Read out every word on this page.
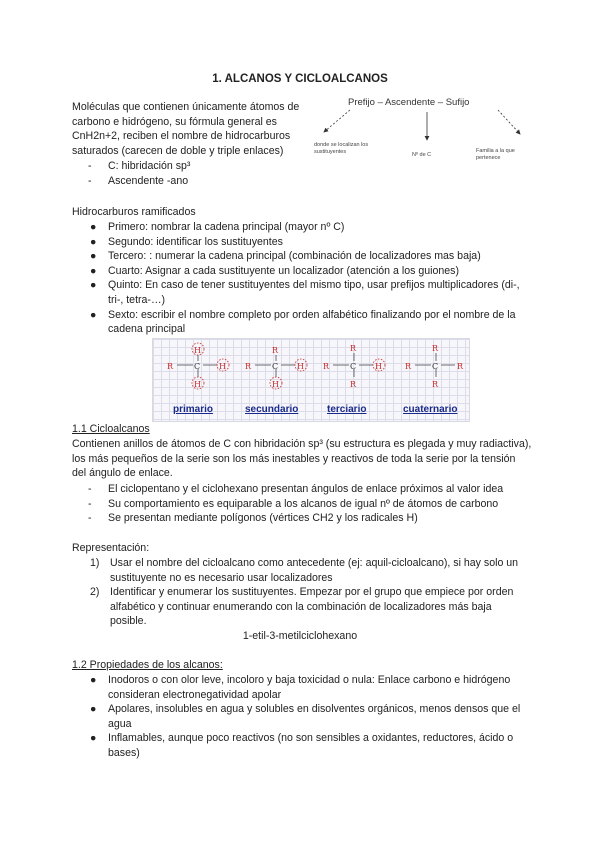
1. ALCANOS Y CICLOALCANOS
Moléculas que contienen únicamente átomos de carbono e hidrógeno, su fórmula general es CnH2n+2, reciben el nombre de hidrocarburos saturados (carecen de doble y triple enlaces)
- C: hibridación sp³
- Ascendente -ano
Prefijo – Ascendente – Sufijo
donde se localizan los sustituyentes
Nº de C
Familia a la que pertenece
Hidrocarburos ramificados
● Primero: nombrar la cadena principal (mayor nº C)
● Segundo: identificar los sustituyentes
● Tercero: : numerar la cadena principal (combinación de localizadores mas baja)
● Cuarto: Asignar a cada sustituyente un localizador (atención a los guiones)
● Quinto: En caso de tener sustituyentes del mismo tipo, usar prefijos multiplicadores (di-, tri-, tetra-…)
● Sexto: escribir el nombre completo por orden alfabético finalizando por el nombre de la cadena principal
R	C
H
H
H
R	C
R
H
H
R	C
R
H
R
R	C
R
R
R
primario	secundario	terciario	cuaternario
1.1 Cicloalcanos
Contienen anillos de átomos de C con hibridación sp³ (su estructura es plegada y muy radiactiva), los más pequeños de la serie son los más inestables y reactivos de toda la serie por la tensión del ángulo de enlace.
- El ciclopentano y el ciclohexano presentan ángulos de enlace próximos al valor idea
- Su comportamiento es equiparable a los alcanos de igual nº de átomos de carbono
- Se presentan mediante polígonos (vértices CH2 y los radicales H)
Representación:
1) Usar el nombre del cicloalcano como antecedente (ej: aquil-cicloalcano), si hay solo un sustituyente no es necesario usar localizadores
2) Identificar y enumerar los sustituyentes. Empezar por el grupo que empiece por orden alfabético y continuar enumerando con la combinación de localizadores más baja posible.
1-etil-3-metilciclohexano
1.2 Propiedades de los alcanos:
● Inodoros o con olor leve, incoloro y baja toxicidad o nula: Enlace carbono e hidrógeno consideran electronegatividad apolar
● Apolares, insolubles en agua y solubles en disolventes orgánicos, menos densos que el agua
● Inflamables, aunque poco reactivos (no son sensibles a oxidantes, reductores, ácido o bases)
